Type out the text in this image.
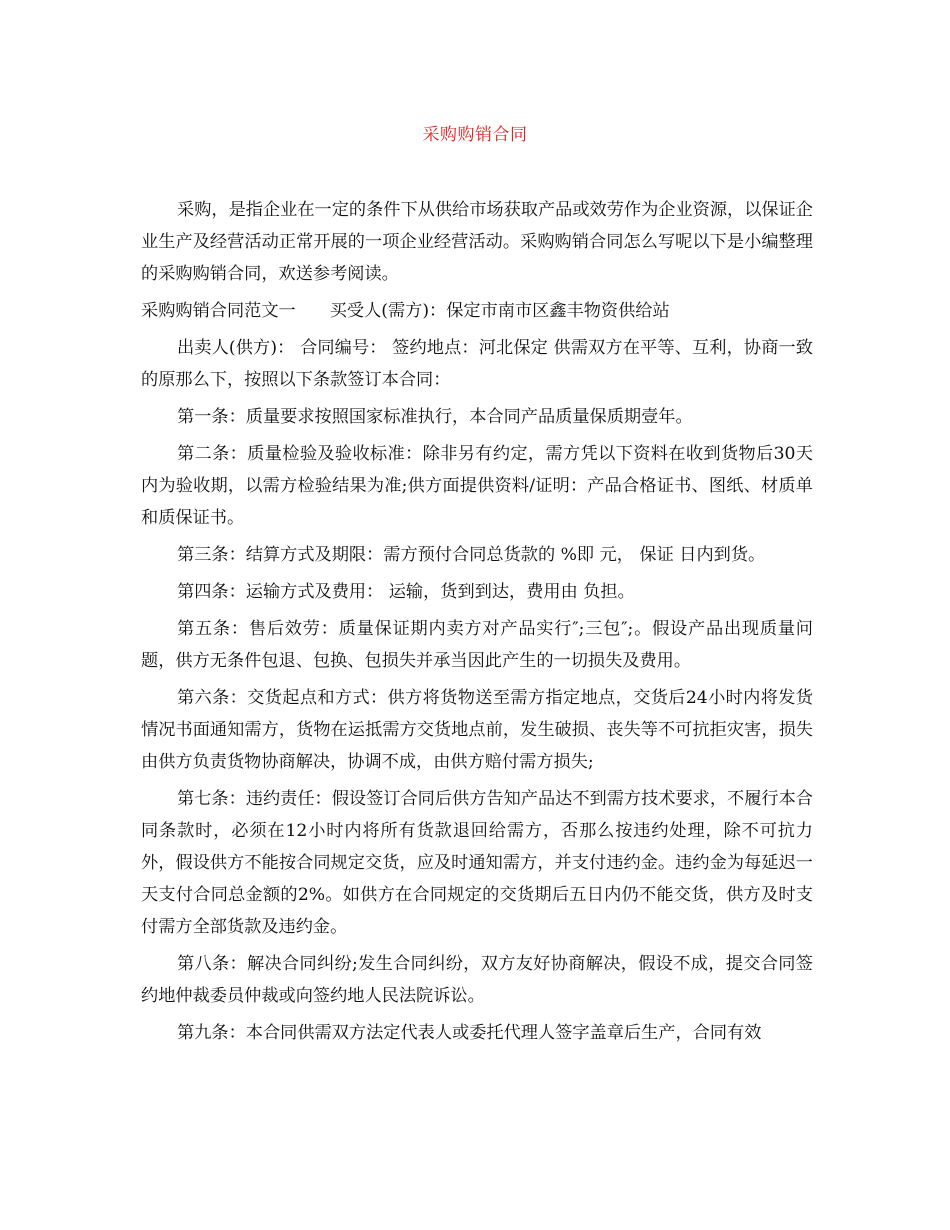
采购购销合同

采购，是指企业在一定的条件下从供给市场获取产品或效劳作为企业资源，以保证企业生产及经营活动正常开展的一项企业经营活动。采购购销合同怎么写呢以下是小编整理的采购购销合同，欢送参考阅读。

采购购销合同范文一 买受人(需方)：保定市南市区鑫丰物资供给站

出卖人(供方)： 合同编号： 签约地点：河北保定 供需双方在平等、互利，协商一致的原那么下，按照以下条款签订本合同：

第一条：质量要求按照国家标准执行，本合同产品质量保质期壹年。

第二条：质量检验及验收标准：除非另有约定，需方凭以下资料在收到货物后30天内为验收期，以需方检验结果为准;供方面提供资料/证明：产品合格证书、图纸、材质单和质保证书。

第三条：结算方式及期限：需方预付合同总货款的 %即 元， 保证 日内到货。

第四条：运输方式及费用： 运输，货到到达，费用由 负担。

第五条：售后效劳：质量保证期内卖方对产品实行″;三包″;。假设产品出现质量问题，供方无条件包退、包换、包损失并承当因此产生的一切损失及费用。

第六条：交货起点和方式：供方将货物送至需方指定地点，交货后24小时内将发货情况书面通知需方，货物在运抵需方交货地点前，发生破损、丧失等不可抗拒灾害，损失由供方负责货物协商解决，协调不成，由供方赔付需方损失;

第七条：违约责任：假设签订合同后供方告知产品达不到需方技术要求，不履行本合同条款时，必须在12小时内将所有货款退回给需方，否那么按违约处理，除不可抗力外，假设供方不能按合同规定交货，应及时通知需方，并支付违约金。违约金为每延迟一天支付合同总金额的2%。如供方在合同规定的交货期后五日内仍不能交货，供方及时支付需方全部货款及违约金。

第八条：解决合同纠纷;发生合同纠纷，双方友好协商解决，假设不成，提交合同签约地仲裁委员仲裁或向签约地人民法院诉讼。

第九条：本合同供需双方法定代表人或委托代理人签字盖章后生产，合同有效
